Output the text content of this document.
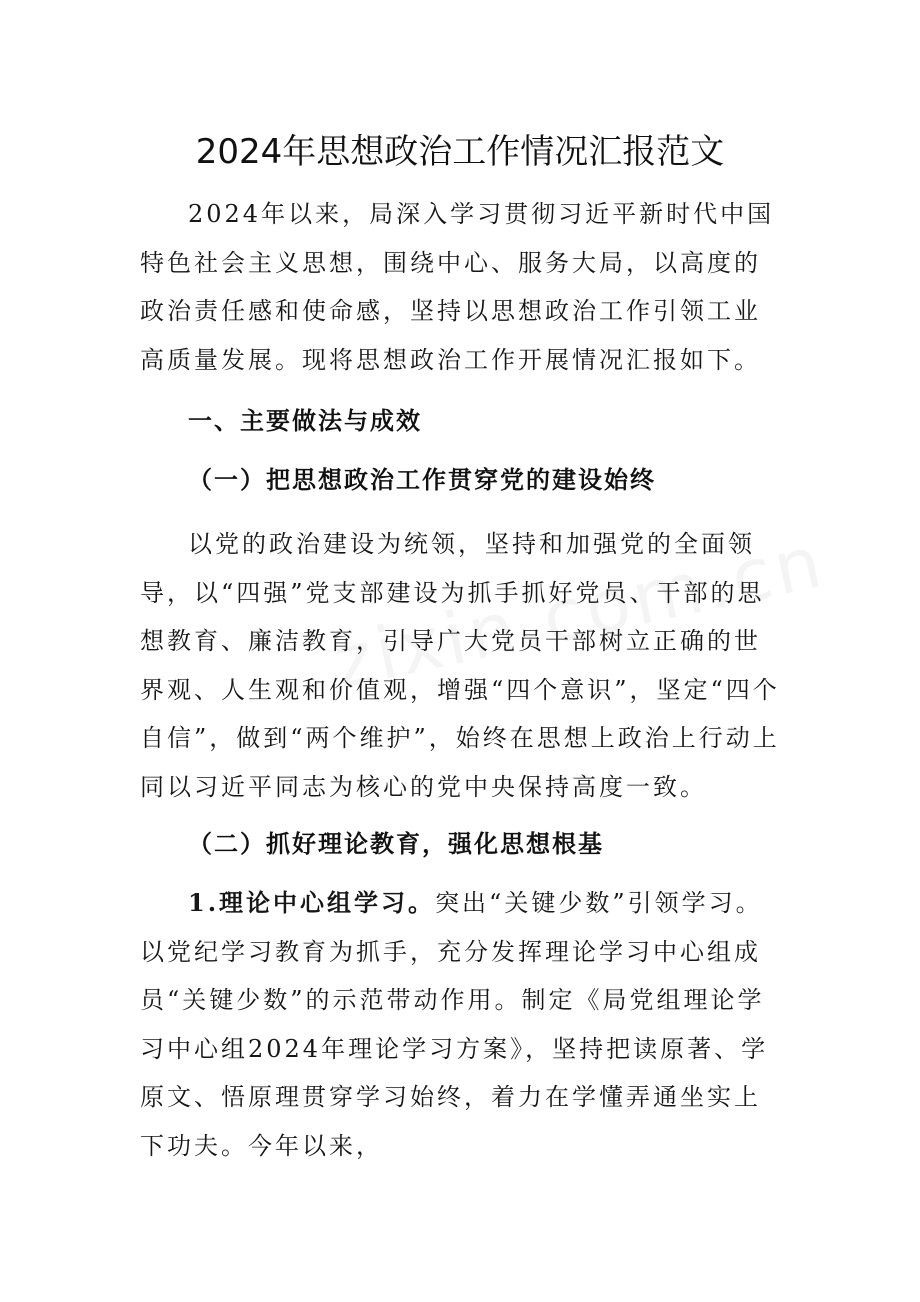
2024年思想政治工作情况汇报范文
2024年以来，局深入学习贯彻习近平新时代中国特色社会主义思想，围绕中心、服务大局，以高度的政治责任感和使命感，坚持以思想政治工作引领工业高质量发展。现将思想政治工作开展情况汇报如下。
一、主要做法与成效
（一）把思想政治工作贯穿党的建设始终
以党的政治建设为统领，坚持和加强党的全面领导，以“四强”党支部建设为抓手抓好党员、干部的思想教育、廉洁教育，引导广大党员干部树立正确的世界观、人生观和价值观，增强“四个意识”，坚定“四个自信”，做到“两个维护”，始终在思想上政治上行动上同以习近平同志为核心的党中央保持高度一致。
（二）抓好理论教育，强化思想根基
1.理论中心组学习。突出“关键少数”引领学习。以党纪学习教育为抓手，充分发挥理论学习中心组成员“关键少数”的示范带动作用。制定《局党组理论学习中心组2024年理论学习方案》，坚持把读原著、学原文、悟原理贯穿学习始终，着力在学懂弄通坐实上下功夫。今年以来，
